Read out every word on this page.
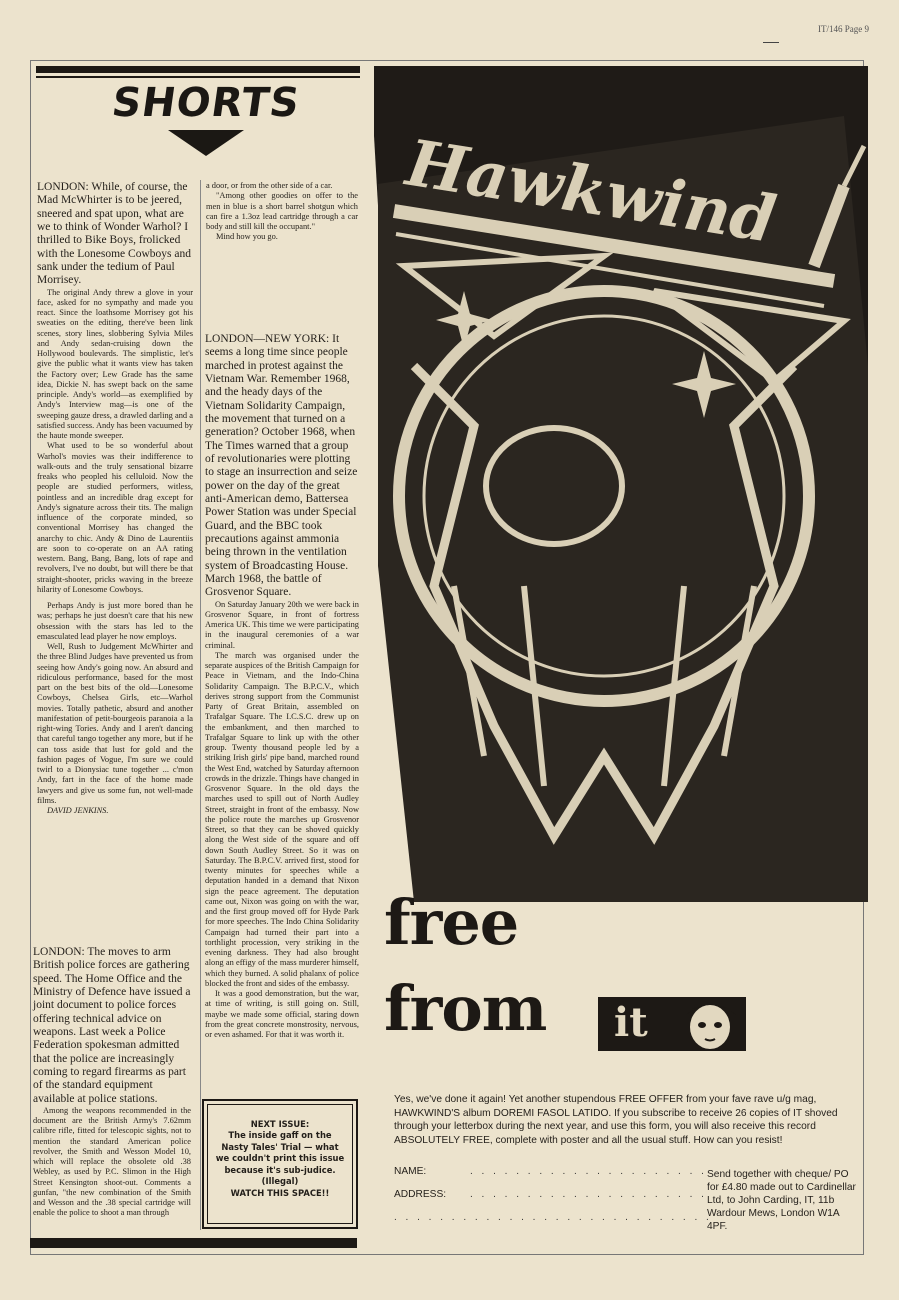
IT/146 Page 9
SHORTS

LONDON: While, of course, the Mad McWhirter is to be jeered, sneered and spat upon, what are we to think of Wonder Warhol? I thrilled to Bike Boys, frolicked with the Lonesome Cowboys and sank under the tedium of Paul Morrisey.

The original Andy threw a glove in your face, asked for no sympathy and made you react. Since the loathsome Morrisey got his sweaties on the editing, there've been link scenes, story lines, slobbering Sylvia Miles and Andy sedan-cruising down the Hollywood boulevards. The simplistic, let's give the public what it wants view has taken the Factory over; Lew Grade has the same idea, Dickie N. has swept back on the same principle. Andy's world—as exemplified by Andy's Interview mag—is one of the sweeping gauze dress, a drawled darling and a satisfied success. Andy has been vacuumed by the haute monde sweeper.

What used to be so wonderful about Warhol's movies was their indifference to walk-outs and the truly sensational bizarre freaks who peopled his celluloid. Now the people are studied performers, witless, pointless and an incredible drag except for Andy's signature across their tits. The malign influence of the corporate minded, so conventional Morrisey has changed the anarchy to chic. Andy & Dino de Laurentiis are soon to co-operate on an AA rating western. Bang, Bang, Bang, lots of rape and revolvers, I've no doubt, but will there be that straight-shooter, pricks waving in the breeze hilarity of Lonesome Cowboys.

Perhaps Andy is just more bored than he was; perhaps he just doesn't care that his new obsession with the stars has led to the emasculated lead player he now employs.

Well, Rush to Judgement McWhirter and the three Blind Judges have prevented us from seeing how Andy's going now. An absurd and ridiculous performance, based for the most part on the best bits of the old—Lonesome Cowboys, Chelsea Girls, etc—Warhol movies. Totally pathetic, absurd and another manifestation of petit-bourgeois paranoia a la right-wing Tories. Andy and I aren't dancing that careful tango together any more, but if he can toss aside that lust for gold and the fashion pages of Vogue, I'm sure we could twirl to a Dionysiac tune together ... c'mon Andy, fart in the face of the home made lawyers and give us some fun, not well-made films.

DAVID JENKINS.

LONDON: The moves to arm British police forces are gathering speed. The Home Office and the Ministry of Defence have issued a joint document to police forces offering technical advice on weapons. Last week a Police Federation spokesman admitted that the police are increasingly coming to regard firearms as part of the standard equipment available at police stations.

Among the weapons recommended in the document are the British Army's 7.62mm calibre rifle, fitted for telescopic sights, not to mention the standard American police revolver, the Smith and Wesson Model 10, which will replace the obsolete old .38 Webley, as used by P.C. Slimon in the High Street Kensington shoot-out. Comments a gunfan, "the new combination of the Smith and Wesson and the .38 special cartridge will enable the police to shoot a man through

a door, or from the other side of a car.

"Among other goodies on offer to the men in blue is a short barrel shotgun which can fire a 1.3oz lead cartridge through a car body and still kill the occupant."

Mind how you go.

LONDON—NEW YORK: It seems a long time since people marched in protest against the Vietnam War. Remember 1968, and the heady days of the Vietnam Solidarity Campaign, the movement that turned on a generation? October 1968, when The Times warned that a group of revolutionaries were plotting to stage an insurrection and seize power on the day of the great anti-American demo, Battersea Power Station was under Special Guard, and the BBC took precautions against ammonia being thrown in the ventilation system of Broadcasting House. March 1968, the battle of Grosvenor Square.

On Saturday January 20th we were back in Grosvenor Square, in front of fortress America UK. This time we were participating in the inaugural ceremonies of a war criminal.

The march was organised under the separate auspices of the British Campaign for Peace in Vietnam, and the Indo-China Solidarity Campaign. The B.P.C.V., which derives strong support from the Communist Party of Great Britain, assembled on Trafalgar Square. The I.C.S.C. drew up on the embankment, and then marched to Trafalgar Square to link up with the other group. Twenty thousand people led by a striking Irish girls' pipe band, marched round the West End, watched by Saturday afternoon crowds in the drizzle. Things have changed in Grosvenor Square. In the old days the marches used to spill out of North Audley Street, straight in front of the embassy. Now the police route the marches up Grosvenor Street, so that they can be shoved quickly along the West side of the square and off down South Audley Street. So it was on Saturday. The B.P.C.V. arrived first, stood for twenty minutes for speeches while a deputation handed in a demand that Nixon sign the peace agreement. The deputation came out, Nixon was going on with the war, and the first group moved off for Hyde Park for more speeches. The Indo China Solidarity Campaign had turned their part into a torthlight procession, very striking in the evening darkness. They had also brought along an effigy of the mass murderer himself, which they burned. A solid phalanx of police blocked the front and sides of the embassy.

It was a good demonstration, but the war, at time of writing, is still going on. Still, maybe we made some official, staring down from the great concrete monstrosity, nervous, or even ashamed. For that it was worth it.

NEXT ISSUE:
The inside gaff on the Nasty Tales' Trial — what we couldn't print this issue because it's sub-judice. (Illegal)
WATCH THIS SPACE!!
Hawkwind
free
from it
Yes, we've done it again! Yet another stupendous FREE OFFER from your fave rave u/g mag, HAWKWIND'S album DOREMI FASOL LATIDO. If you subscribe to receive 26 copies of IT shoved through your letterbox during the next year, and use this form, you will also receive this record ABSOLUTELY FREE, complete with poster and all the usual stuff. How can you resist!
NAME:	. . . . . . . . . . . . . . . . . . . . .
ADDRESS: . . . . . . . . . . . . . . . . . . . . .
. . . . . . . . . . . . . . . . . . . . . . . . . . . .
Send together with cheque/ PO for £4.80 made out to Cardinellar Ltd, to John Carding, IT, 11b Wardour Mews, London W1A 4PF.
